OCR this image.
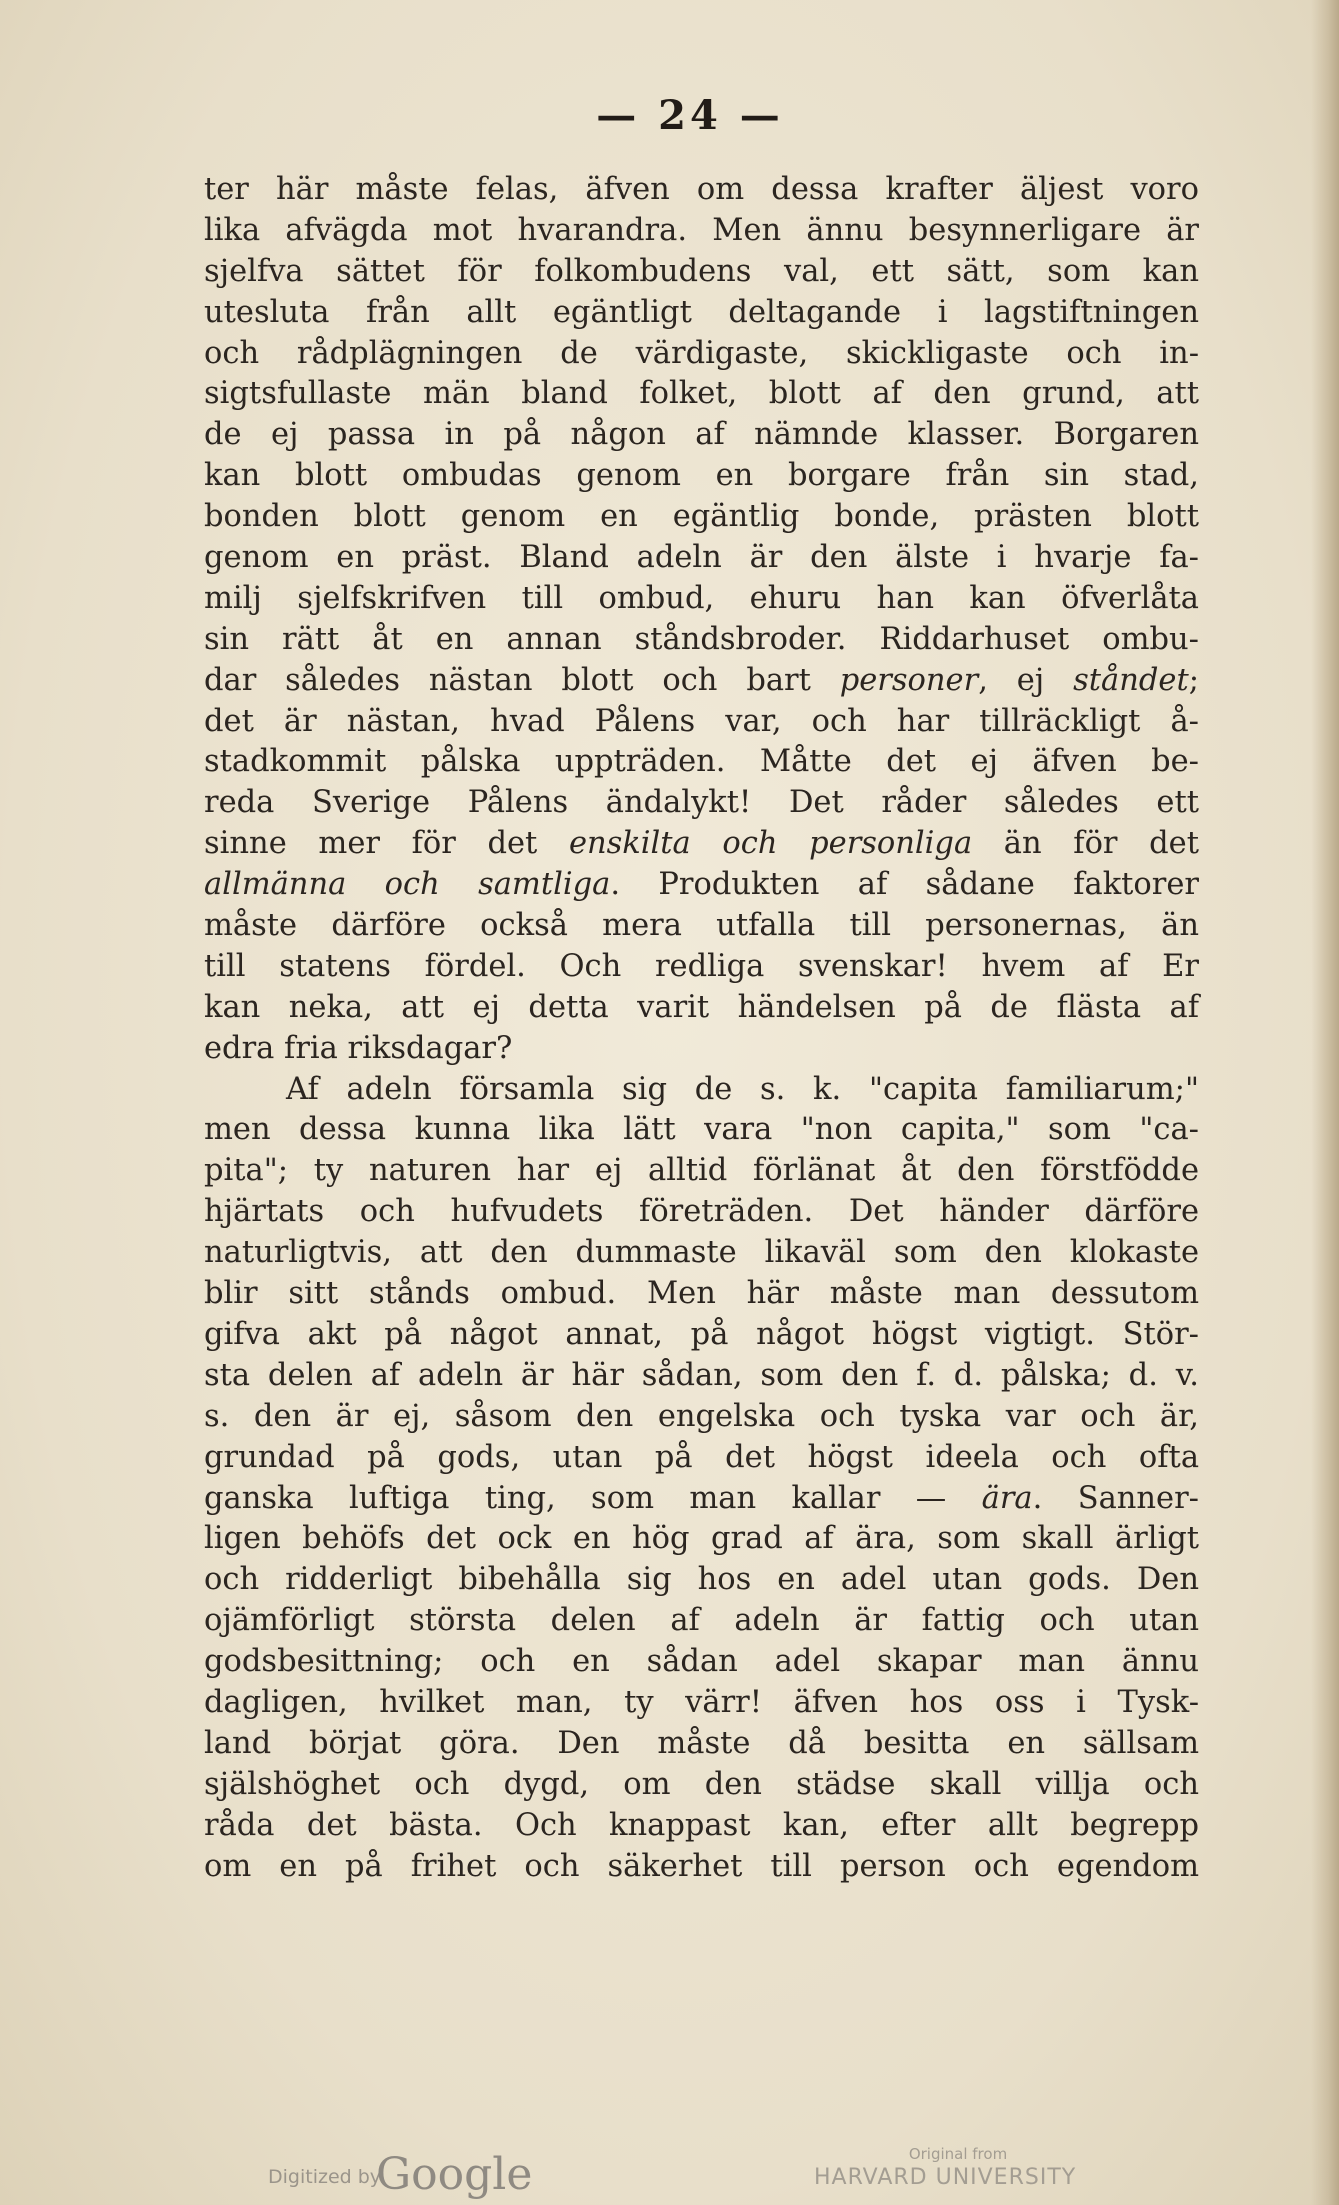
— 24 —
ter här måste felas, äfven om dessa krafter äljest voro
lika afvägda mot hvarandra. Men ännu besynnerligare är
sjelfva sättet för folkombudens val, ett sätt, som kan
utesluta från allt egäntligt deltagande i lagstiftningen
och rådplägningen de värdigaste, skickligaste och in-
sigtsfullaste män bland folket, blott af den grund, att
de ej passa in på någon af nämnde klasser. Borgaren
kan blott ombudas genom en borgare från sin stad,
bonden blott genom en egäntlig bonde, prästen blott
genom en präst. Bland adeln är den älste i hvarje fa-
milj sjelfskrifven till ombud, ehuru han kan öfverlåta
sin rätt åt en annan ståndsbroder. Riddarhuset ombu-
dar således nästan blott och bart personer, ej ståndet;
det är nästan, hvad Pålens var, och har tillräckligt å-
stadkommit pålska uppträden. Måtte det ej äfven be-
reda Sverige Pålens ändalykt! Det råder således ett
sinne mer för det enskilta och personliga än för det
allmänna och samtliga. Produkten af sådane faktorer
måste därföre också mera utfalla till personernas, än
till statens fördel. Och redliga svenskar! hvem af Er
kan neka, att ej detta varit händelsen på de flästa af
edra fria riksdagar?
Af adeln församla sig de s. k. "capita familiarum;"
men dessa kunna lika lätt vara "non capita," som "ca-
pita"; ty naturen har ej alltid förlänat åt den förstfödde
hjärtats och hufvudets företräden. Det händer därföre
naturligtvis, att den dummaste likaväl som den klokaste
blir sitt stånds ombud. Men här måste man dessutom
gifva akt på något annat, på något högst vigtigt. Stör-
sta delen af adeln är här sådan, som den f. d. pålska; d. v.
s. den är ej, såsom den engelska och tyska var och är,
grundad på gods, utan på det högst ideela och ofta
ganska luftiga ting, som man kallar — ära. Sanner-
ligen behöfs det ock en hög grad af ära, som skall ärligt
och ridderligt bibehålla sig hos en adel utan gods. Den
ojämförligt största delen af adeln är fattig och utan
godsbesittning; och en sådan adel skapar man ännu
dagligen, hvilket man, ty värr! äfven hos oss i Tysk-
land börjat göra. Den måste då besitta en sällsam
själshöghet och dygd, om den städse skall villja och
råda det bästa. Och knappast kan, efter allt begrepp
om en på frihet och säkerhet till person och egendom
Digitized by
Google	Original from
HARVARD UNIVERSITY
